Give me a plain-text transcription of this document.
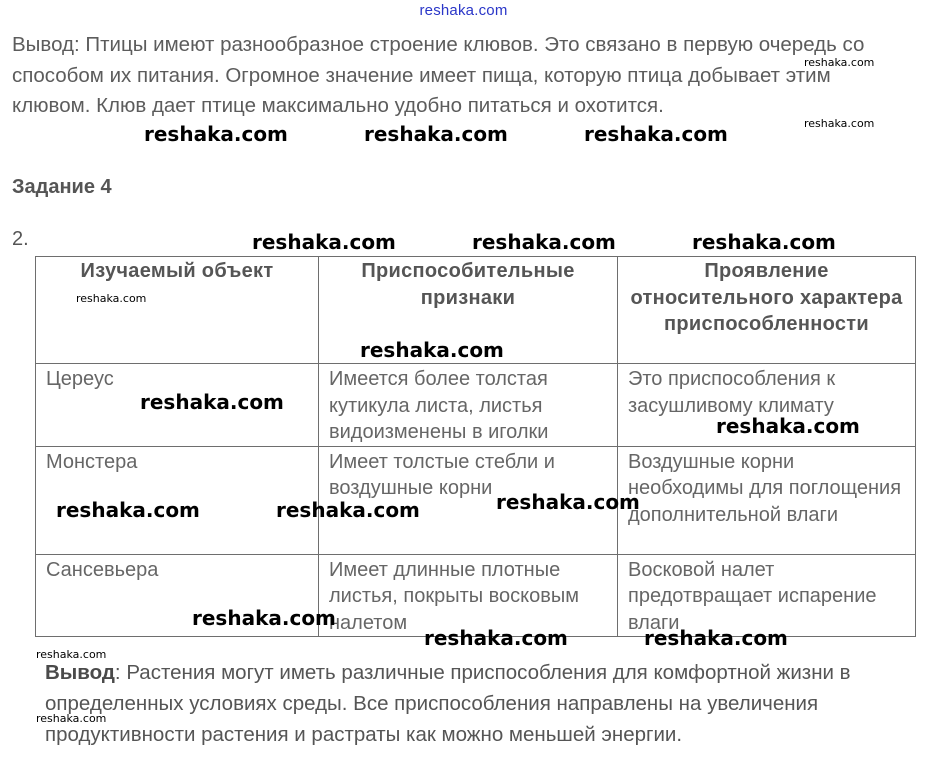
reshaka.com

Вывод: Птицы имеют разнообразное строение клювов. Это связано в первую очередь со способом их питания. Огромное значение имеет пища, которую птица добывает этим клювом. Клюв дает птице максимально удобно питаться и охотится.

Задание 4
2.
Изучаемый объект	Приспособительные признаки	Проявление относительного характера приспособленности
Цереус	Имеется более толстая кутикула листа, листья видоизменены в иголки	Это приспособления к засушливому климату
Монстера	Имеет толстые стебли и воздушные корни	Воздушные корни необходимы для поглощения дополнительной влаги
Сансевьера	Имеет длинные плотные листья, покрыты восковым налетом	Восковой налет предотвращает испарение влаги

Вывод: Растения могут иметь различные приспособления для комфортной жизни в определенных условиях среды. Все приспособления направлены на увеличения продуктивности растения и растраты как можно меньшей энергии.

reshaka.com
reshaka.com
reshaka.com	reshaka.com	reshaka.com
reshaka.com	reshaka.com	reshaka.com
reshaka.com
reshaka.com
reshaka.com
reshaka.com
reshaka.com
reshaka.com	reshaka.com
reshaka.com
reshaka.com	reshaka.com
reshaka.com
reshaka.com
